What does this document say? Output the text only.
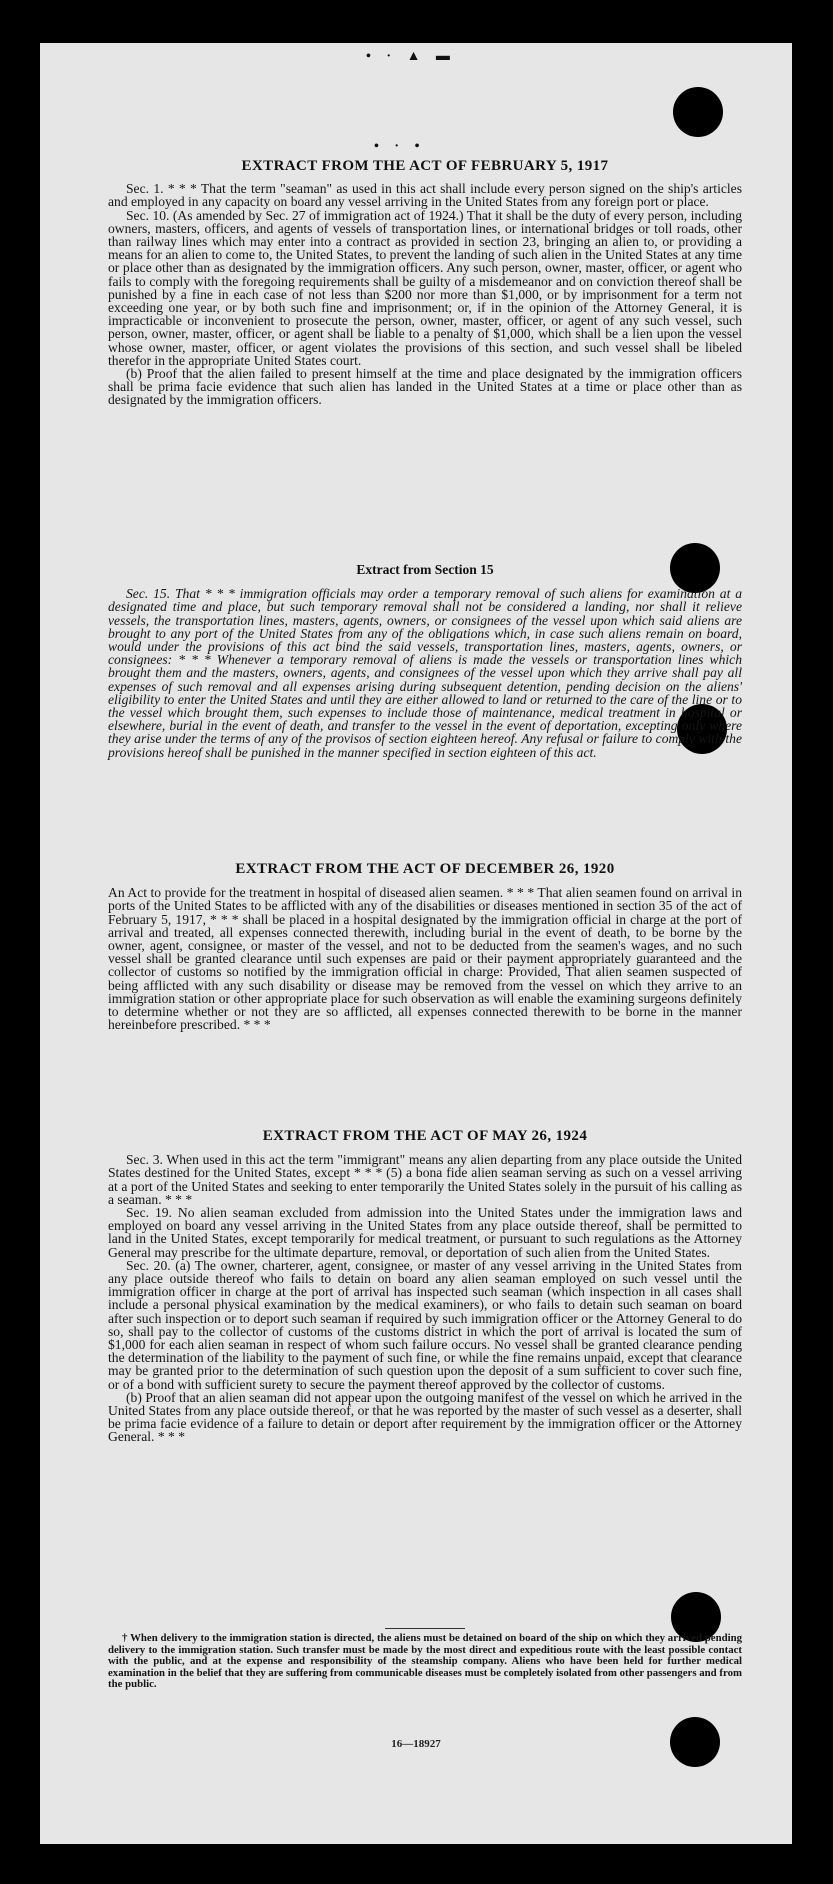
• · ▲ ▬
• · •
EXTRACT FROM THE ACT OF FEBRUARY 5, 1917

Sec. 1. * * * That the term "seaman" as used in this act shall include every person signed on the ship's articles and employed in any capacity on board any vessel arriving in the United States from any foreign port or place.

Sec. 10. (As amended by Sec. 27 of immigration act of 1924.) That it shall be the duty of every person, including owners, masters, officers, and agents of vessels of transportation lines, or international bridges or toll roads, other than railway lines which may enter into a contract as provided in section 23, bringing an alien to, or providing a means for an alien to come to, the United States, to prevent the landing of such alien in the United States at any time or place other than as designated by the immigration officers. Any such person, owner, master, officer, or agent who fails to comply with the foregoing requirements shall be guilty of a misdemeanor and on conviction thereof shall be punished by a fine in each case of not less than $200 nor more than $1,000, or by imprisonment for a term not exceeding one year, or by both such fine and imprisonment; or, if in the opinion of the Attorney General, it is impracticable or inconvenient to prosecute the person, owner, master, officer, or agent of any such vessel, such person, owner, master, officer, or agent shall be liable to a penalty of $1,000, which shall be a lien upon the vessel whose owner, master, officer, or agent violates the provisions of this section, and such vessel shall be libeled therefor in the appropriate United States court.

(b) Proof that the alien failed to present himself at the time and place designated by the immigration officers shall be prima facie evidence that such alien has landed in the United States at a time or place other than as designated by the immigration officers.

Extract from Section 15

Sec. 15. That * * * immigration officials may order a temporary removal of such aliens for examination at a designated time and place, but such temporary removal shall not be considered a landing, nor shall it relieve vessels, the transportation lines, masters, agents, owners, or consignees of the vessel upon which said aliens are brought to any port of the United States from any of the obligations which, in case such aliens remain on board, would under the provisions of this act bind the said vessels, transportation lines, masters, agents, owners, or consignees: * * * Whenever a temporary removal of aliens is made the vessels or transportation lines which brought them and the masters, owners, agents, and consignees of the vessel upon which they arrive shall pay all expenses of such removal and all expenses arising during subsequent detention, pending decision on the aliens' eligibility to enter the United States and until they are either allowed to land or returned to the care of the line or to the vessel which brought them, such expenses to include those of maintenance, medical treatment in hospital or elsewhere, burial in the event of death, and transfer to the vessel in the event of deportation, excepting only where they arise under the terms of any of the provisos of section eighteen hereof. Any refusal or failure to comply with the provisions hereof shall be punished in the manner specified in section eighteen of this act.

EXTRACT FROM THE ACT OF DECEMBER 26, 1920

An Act to provide for the treatment in hospital of diseased alien seamen. * * * That alien seamen found on arrival in ports of the United States to be afflicted with any of the disabilities or diseases mentioned in section 35 of the act of February 5, 1917, * * * shall be placed in a hospital designated by the immigration official in charge at the port of arrival and treated, all expenses connected therewith, including burial in the event of death, to be borne by the owner, agent, consignee, or master of the vessel, and not to be deducted from the seamen's wages, and no such vessel shall be granted clearance until such expenses are paid or their payment appropriately guaranteed and the collector of customs so notified by the immigration official in charge: Provided, That alien seamen suspected of being afflicted with any such disability or disease may be removed from the vessel on which they arrive to an immigration station or other appropriate place for such observation as will enable the examining surgeons definitely to determine whether or not they are so afflicted, all expenses connected therewith to be borne in the manner hereinbefore prescribed. * * *

EXTRACT FROM THE ACT OF MAY 26, 1924

Sec. 3. When used in this act the term "immigrant" means any alien departing from any place outside the United States destined for the United States, except * * * (5) a bona fide alien seaman serving as such on a vessel arriving at a port of the United States and seeking to enter temporarily the United States solely in the pursuit of his calling as a seaman. * * *

Sec. 19. No alien seaman excluded from admission into the United States under the immigration laws and employed on board any vessel arriving in the United States from any place outside thereof, shall be permitted to land in the United States, except temporarily for medical treatment, or pursuant to such regulations as the Attorney General may prescribe for the ultimate departure, removal, or deportation of such alien from the United States.

Sec. 20. (a) The owner, charterer, agent, consignee, or master of any vessel arriving in the United States from any place outside thereof who fails to detain on board any alien seaman employed on such vessel until the immigration officer in charge at the port of arrival has inspected such seaman (which inspection in all cases shall include a personal physical examination by the medical examiners), or who fails to detain such seaman on board after such inspection or to deport such seaman if required by such immigration officer or the Attorney General to do so, shall pay to the collector of customs of the customs district in which the port of arrival is located the sum of $1,000 for each alien seaman in respect of whom such failure occurs. No vessel shall be granted clearance pending the determination of the liability to the payment of such fine, or while the fine remains unpaid, except that clearance may be granted prior to the determination of such question upon the deposit of a sum sufficient to cover such fine, or of a bond with sufficient surety to secure the payment thereof approved by the collector of customs.

(b) Proof that an alien seaman did not appear upon the outgoing manifest of the vessel on which he arrived in the United States from any place outside thereof, or that he was reported by the master of such vessel as a deserter, shall be prima facie evidence of a failure to detain or deport after requirement by the immigration officer or the Attorney General. * * *

† When delivery to the immigration station is directed, the aliens must be detained on board of the ship on which they arrived pending delivery to the immigration station. Such transfer must be made by the most direct and expeditious route with the least possible contact with the public, and at the expense and responsibility of the steamship company. Aliens who have been held for further medical examination in the belief that they are suffering from communicable diseases must be completely isolated from other passengers and from the public.

16—18927
